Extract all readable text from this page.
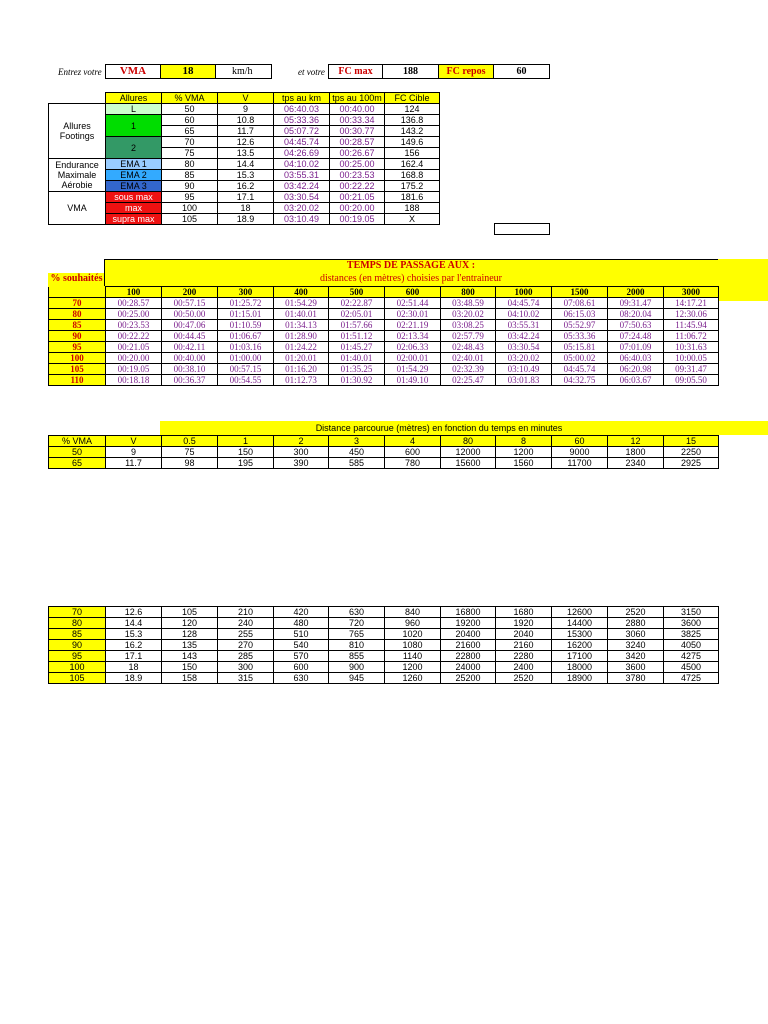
Entrez votre	VMA	18	km/h	et votre	FC max	188	FC repos	60
	Allures	% VMA	V	tps au km	tps au 100m	FC Cible
Allures
Footings	L	50	9	06:40.03	00:40.00	124
	1	60	10.8	05:33.36	00:33.34	136.8
		65	11.7	05:07.72	00:30.77	143.2
	2	70	12.6	04:45.74	00:28.57	149.6
		75	13.5	04:26.69	00:26.67	156
Endurance
Maximale
Aérobie	EMA 1	80	14.4	04:10.02	00:25.00	162.4
	EMA 2	85	15.3	03:55.31	00:23.53	168.8
	EMA 3	90	16.2	03:42.24	00:22.22	175.2
VMA	sous max	95	17.1	03:30.54	00:21.05	181.6
	max	100	18	03:20.02	00:20.00	188
	supra max	105	18.9	03:10.49	00:19.05	X
TEMPS DE PASSAGE AUX :
distances (en mètres) choisies par l'entraineur
% souhaités
	100	200	300	400	500	600	800	1000	1500	2000	3000
70	00:28.57	00:57.15	01:25.72	01:54.29	02:22.87	02:51.44	03:48.59	04:45.74	07:08.61	09:31.47	14:17.21
80	00:25.00	00:50.00	01:15.01	01:40.01	02:05.01	02:30.01	03:20.02	04:10.02	06:15.03	08:20.04	12:30.06
85	00:23.53	00:47.06	01:10.59	01:34.13	01:57.66	02:21.19	03:08.25	03:55.31	05:52.97	07:50.63	11:45.94
90	00:22.22	00:44.45	01:06.67	01:28.90	01:51.12	02:13.34	02:57.79	03:42.24	05:33.36	07:24.48	11:06.72
95	00:21.05	00:42.11	01:03.16	01:24.22	01:45.27	02:06.33	02:48.43	03:30.54	05:15.81	07:01.09	10:31.63
100	00:20.00	00:40.00	01:00.00	01:20.01	01:40.01	02:00.01	02:40.01	03:20.02	05:00.02	06:40.03	10:00.05
105	00:19.05	00:38.10	00:57.15	01:16.20	01:35.25	01:54.29	02:32.39	03:10.49	04:45.74	06:20.98	09:31.47
110	00:18.18	00:36.37	00:54.55	01:12.73	01:30.92	01:49.10	02:25.47	03:01.83	04:32.75	06:03.67	09:05.50
Distance parcourue (mètres) en fonction du temps en minutes
% VMA	V	0.5	1	2	3	4	80	8	60	12	15
50	9	75	150	300	450	600	12000	1200	9000	1800	2250
65	11.7	98	195	390	585	780	15600	1560	11700	2340	2925
70	12.6	105	210	420	630	840	16800	1680	12600	2520	3150
80	14.4	120	240	480	720	960	19200	1920	14400	2880	3600
85	15.3	128	255	510	765	1020	20400	2040	15300	3060	3825
90	16.2	135	270	540	810	1080	21600	2160	16200	3240	4050
95	17.1	143	285	570	855	1140	22800	2280	17100	3420	4275
100	18	150	300	600	900	1200	24000	2400	18000	3600	4500
105	18.9	158	315	630	945	1260	25200	2520	18900	3780	4725
